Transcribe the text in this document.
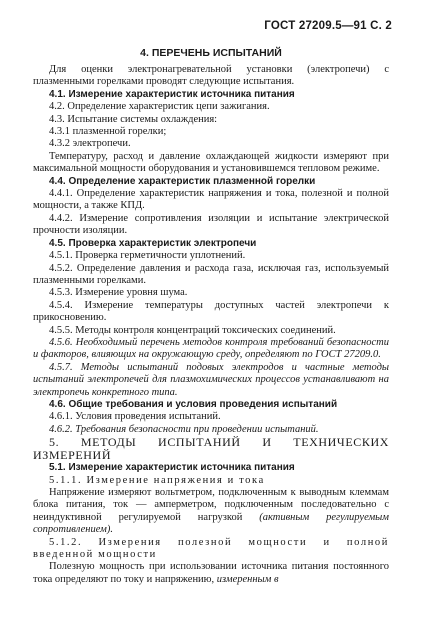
ГОСТ 27209.5—91 С. 2
4. ПЕРЕЧЕНЬ ИСПЫТАНИЙ

Для оценки электронагревательной установки (электропечи) с плазменными горелками проводят следующие испытания.

4.1. Измерение характеристик источника питания

4.2. Определение характеристик цепи зажигания.

4.3. Испытание системы охлаждения:

4.3.1 плазменной горелки;

4.3.2 электропечи.

Температуру, расход и давление охлаждающей жидкости измеряют при максимальной мощности оборудования и установившемся тепловом режиме.

4.4. Определение характеристик плазменной горелки

4.4.1. Определение характеристик напряжения и тока, полезной и полной мощности, а также КПД.

4.4.2. Измерение сопротивления изоляции и испытание электрической прочности изоляции.

4.5. Проверка характеристик электропечи

4.5.1. Проверка герметичности уплотнений.

4.5.2. Определение давления и расхода газа, исключая газ, используемый плазменными горелками.

4.5.3. Измерение уровня шума.

4.5.4. Измерение температуры доступных частей электропечи к прикосновению.

4.5.5. Методы контроля концентраций токсических соединений.

4.5.6. Необходимый перечень методов контроля требований безопасности и факторов, влияющих на окружающую среду, определяют по ГОСТ 27209.0.

4.5.7. Методы испытаний подовых электродов и частные методы испытаний электропечей для плазмохимических процессов устанавливают на электропечь конкретного типа.

4.6. Общие требования и условия проведения испытаний

4.6.1. Условия проведения испытаний.

4.6.2. Требования безопасности при проведении испытаний.

5. МЕТОДЫ ИСПЫТАНИЙ И ТЕХНИЧЕСКИХ ИЗМЕРЕНИЙ

5.1. Измерение характеристик источника питания

5.1.1. Измерение напряжения и тока

Напряжение измеряют вольтметром, подключенным к выводным клеммам блока питания, ток — амперметром, подключенным последовательно с неиндуктивной регулируемой нагрузкой (активным регулируемым сопротивлением).

5.1.2. Измерения полезной мощности и полной введенной мощности

Полезную мощность при использовании источника питания постоянного тока определяют по току и напряжению, измеренным в
